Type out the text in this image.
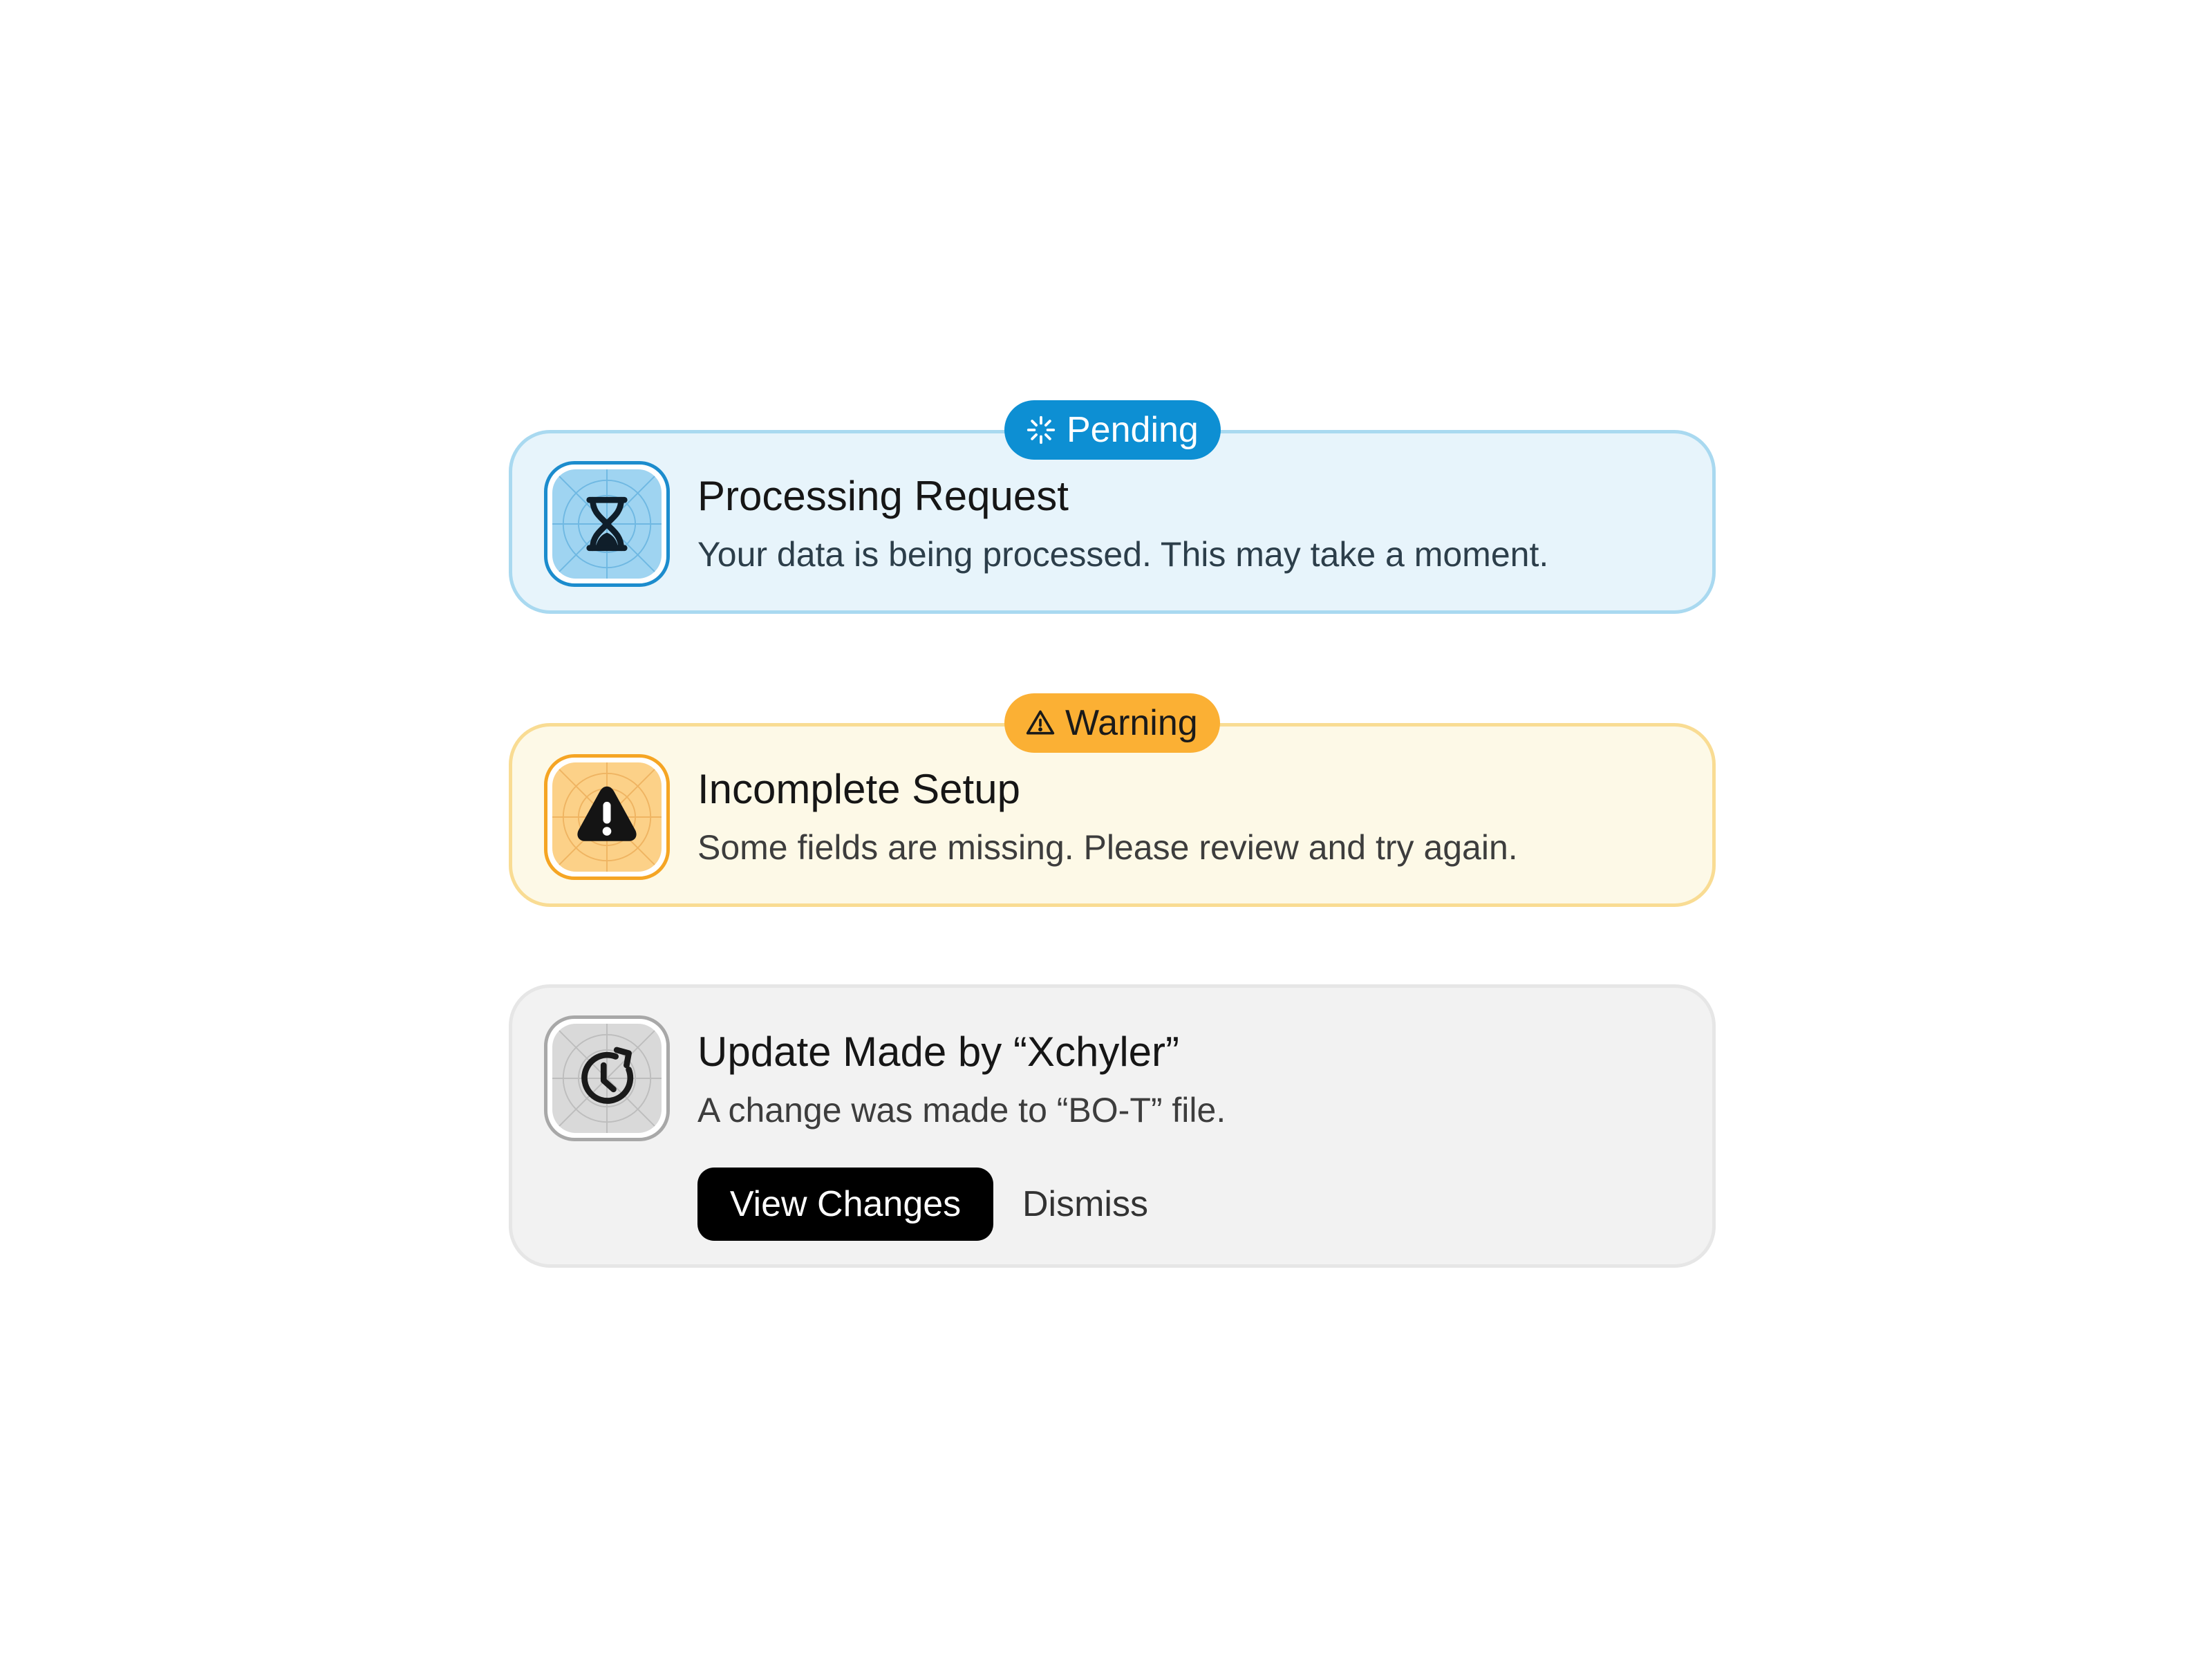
Pending
Processing Request
Your data is being processed. This may take a moment.
Warning
Incomplete Setup
Some fields are missing. Please review and try again.
Update Made by “Xchyler”
A change was made to “BO-T” file.
View Changes	Dismiss
